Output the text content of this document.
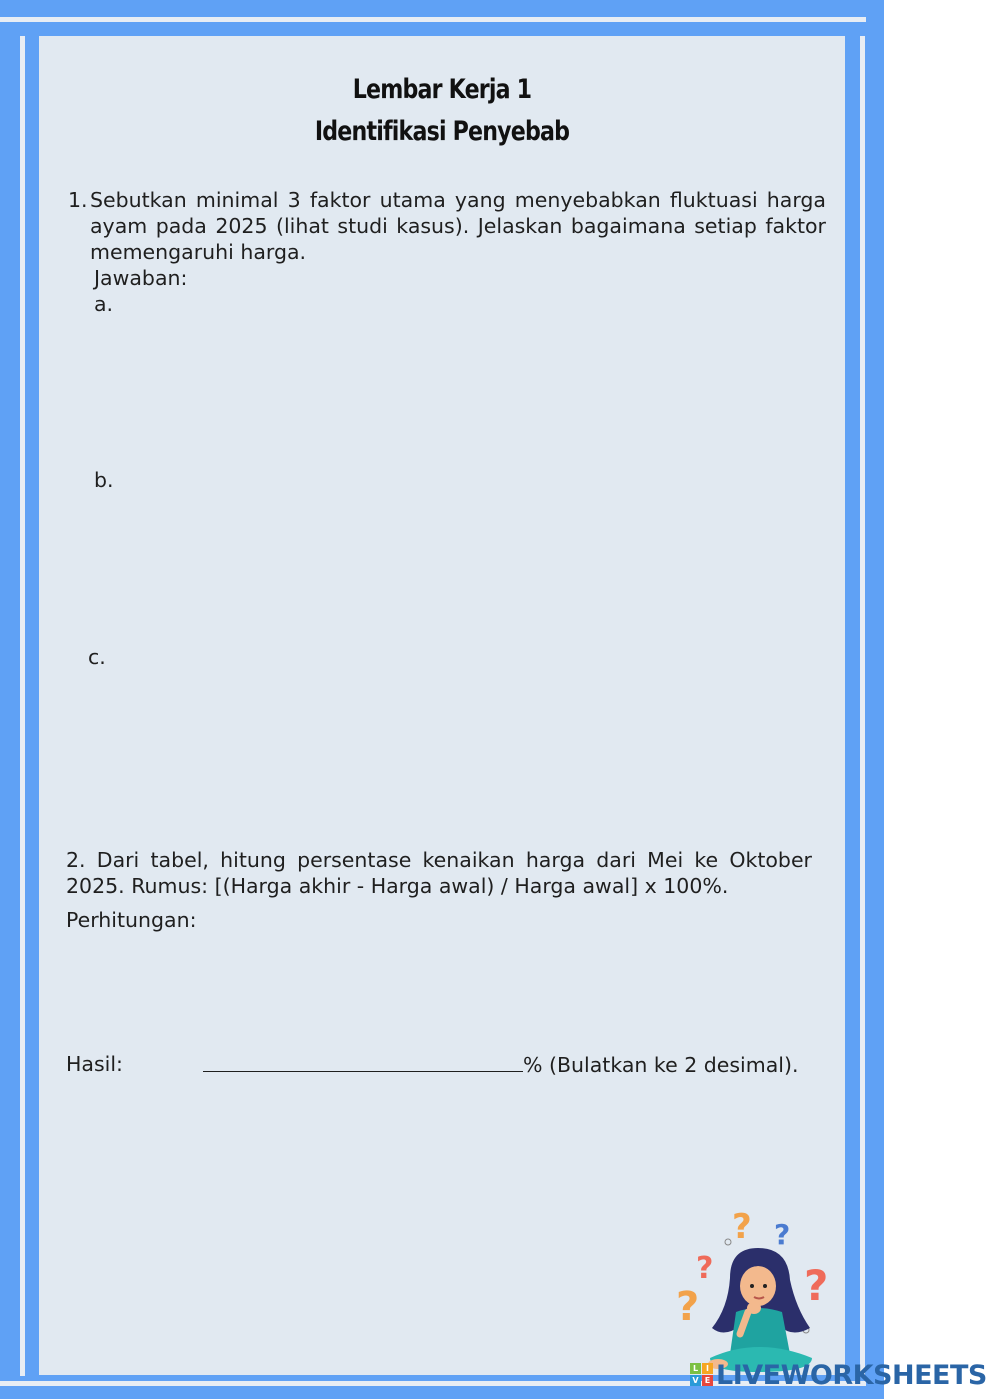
Lembar Kerja 1
Identifikasi Penyebab
1. Sebutkan minimal 3 faktor utama yang menyebabkan fluktuasi harga
ayam pada 2025 (lihat studi kasus). Jelaskan bagaimana setiap faktor
memengaruhi harga.
Jawaban:
a.
b.
c.
2. Dari tabel, hitung persentase kenaikan harga dari Mei ke Oktober
2025. Rumus: [(Harga akhir - Harga awal) / Harga awal] x 100%.
Perhitungan:
Hasil:	% (Bulatkan ke 2 desimal).
? ?
?
? ?
L I
V E LIVEWORKSHEETS
